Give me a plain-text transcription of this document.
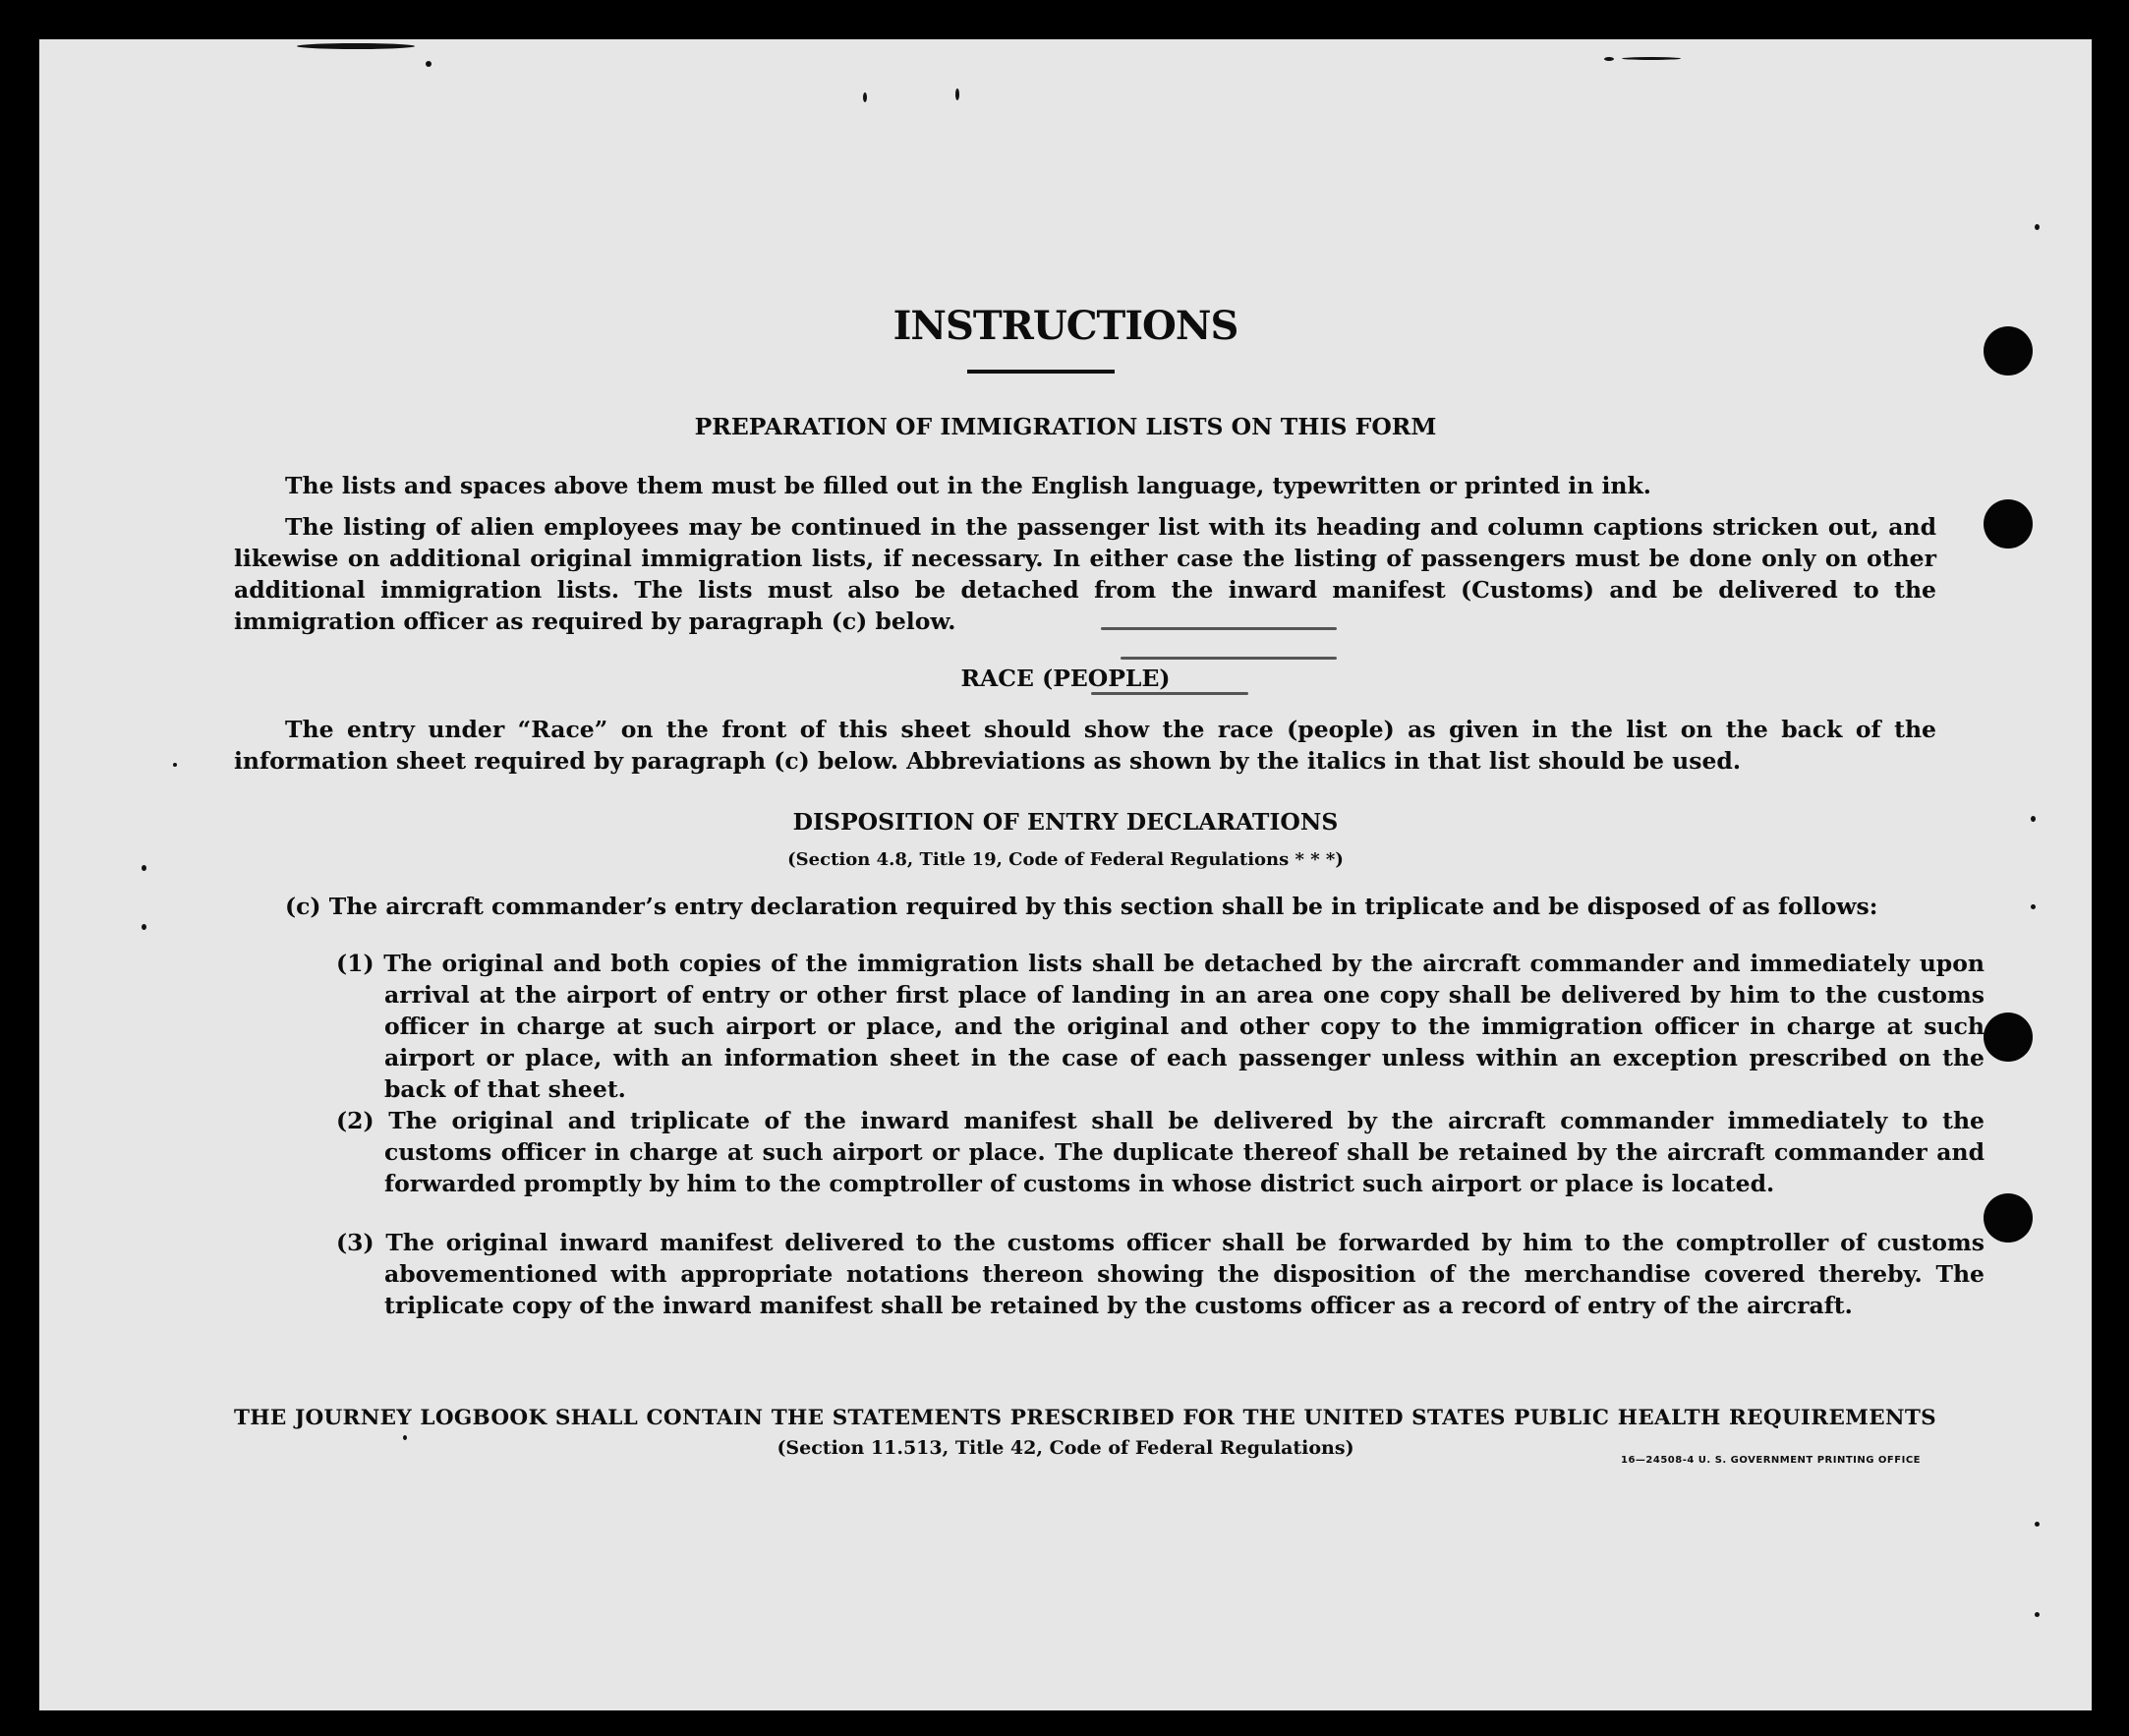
INSTRUCTIONS
PREPARATION OF IMMIGRATION LISTS ON THIS FORM
The lists and spaces above them must be filled out in the English language, typewritten or printed in ink.
The listing of alien employees may be continued in the passenger list with its heading and column captions stricken out, and likewise on additional original immigration lists, if necessary. In either case the listing of passengers must be done only on other additional immigration lists. The lists must also be detached from the inward manifest (Customs) and be delivered to the immigration officer as required by paragraph (c) below.
RACE (PEOPLE)
The entry under “Race” on the front of this sheet should show the race (people) as given in the list on the back of the information sheet required by paragraph (c) below. Abbreviations as shown by the italics in that list should be used.
DISPOSITION OF ENTRY DECLARATIONS
(Section 4.8, Title 19, Code of Federal Regulations * * *)
(c) The aircraft commander’s entry declaration required by this section shall be in triplicate and be disposed of as follows:
(1) The original and both copies of the immigration lists shall be detached by the aircraft commander and immediately upon arrival at the airport of entry or other first place of landing in an area one copy shall be delivered by him to the customs officer in charge at such airport or place, and the original and other copy to the immigration officer in charge at such airport or place, with an information sheet in the case of each passenger unless within an exception prescribed on the back of that sheet.
(2) The original and triplicate of the inward manifest shall be delivered by the aircraft commander immediately to the customs officer in charge at such airport or place. The duplicate thereof shall be retained by the aircraft commander and forwarded promptly by him to the comptroller of customs in whose district such airport or place is located.
(3) The original inward manifest delivered to the customs officer shall be forwarded by him to the comptroller of customs abovementioned with appropriate notations thereon showing the disposition of the merchandise covered thereby. The triplicate copy of the inward manifest shall be retained by the customs officer as a record of entry of the aircraft.
THE JOURNEY LOGBOOK SHALL CONTAIN THE STATEMENTS PRESCRIBED FOR THE UNITED STATES PUBLIC HEALTH REQUIREMENTS
(Section 11.513, Title 42, Code of Federal Regulations)
16—24508-4 U. S. GOVERNMENT PRINTING OFFICE
